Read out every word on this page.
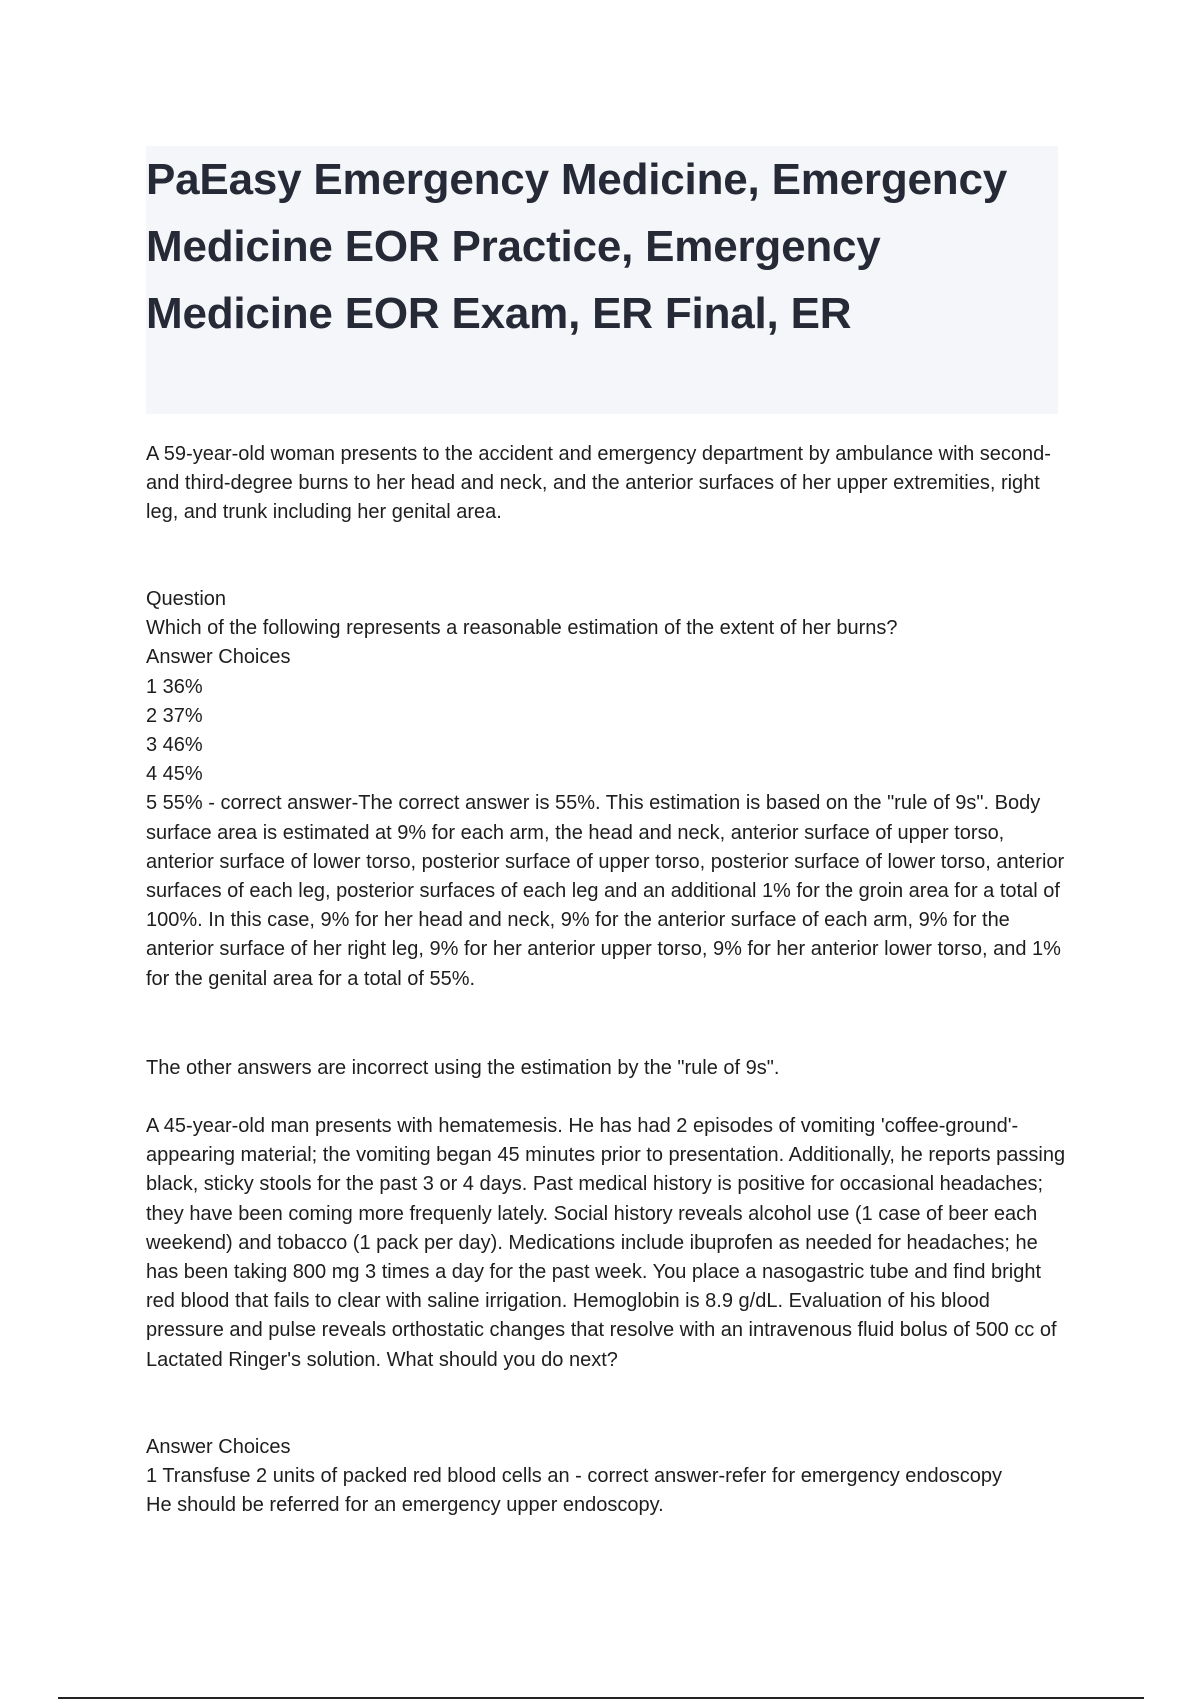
PaEasy Emergency Medicine, Emergency Medicine EOR Practice, Emergency Medicine EOR Exam, ER Final, ER

A 59-year-old woman presents to the accident and emergency department by ambulance with second- and third-degree burns to her head and neck, and the anterior surfaces of her upper extremities, right leg, and trunk including her genital area.

Question
Which of the following represents a reasonable estimation of the extent of her burns?
Answer Choices
1 36%
2 37%
3 46%
4 45%
5 55% - correct answer-The correct answer is 55%. This estimation is based on the "rule of 9s". Body surface area is estimated at 9% for each arm, the head and neck, anterior surface of upper torso, anterior surface of lower torso, posterior surface of upper torso, posterior surface of lower torso, anterior surfaces of each leg, posterior surfaces of each leg and an additional 1% for the groin area for a total of 100%. In this case, 9% for her head and neck, 9% for the anterior surface of each arm, 9% for the anterior surface of her right leg, 9% for her anterior upper torso, 9% for her anterior lower torso, and 1% for the genital area for a total of 55%.
The other answers are incorrect using the estimation by the "rule of 9s".

A 45-year-old man presents with hematemesis. He has had 2 episodes of vomiting 'coffee-ground'-appearing material; the vomiting began 45 minutes prior to presentation. Additionally, he reports passing black, sticky stools for the past 3 or 4 days. Past medical history is positive for occasional headaches; they have been coming more frequenly lately. Social history reveals alcohol use (1 case of beer each weekend) and tobacco (1 pack per day). Medications include ibuprofen as needed for headaches; he has been taking 800 mg 3 times a day for the past week. You place a nasogastric tube and find bright red blood that fails to clear with saline irrigation. Hemoglobin is 8.9 g/dL. Evaluation of his blood pressure and pulse reveals orthostatic changes that resolve with an intravenous fluid bolus of 500 cc of Lactated Ringer's solution. What should you do next?

Answer Choices
1 Transfuse 2 units of packed red blood cells an - correct answer-refer for emergency endoscopy
He should be referred for an emergency upper endoscopy.
